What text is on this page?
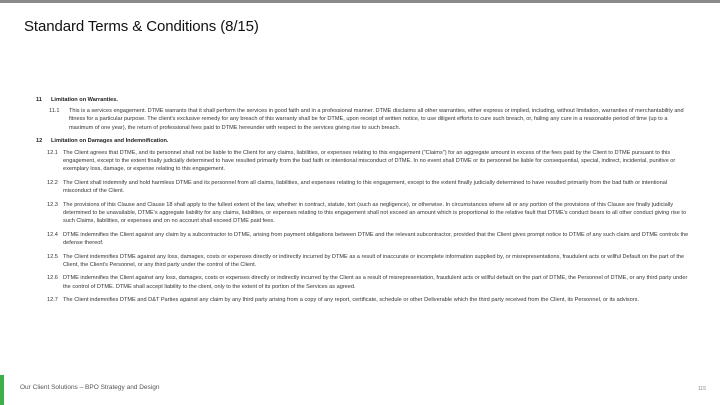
Standard Terms & Conditions (8/15)
11	Limitation on Warranties.
11.1	This is a services engagement. DTME warrants that it shall perform the services in good faith and in a professional manner. DTME disclaims all other warranties, either express or implied, including, without limitation, warranties of merchantability and fitness for a particular purpose. The client's exclusive remedy for any breach of this warranty shall be for DTME, upon receipt of written notice, to use diligent efforts to cure such breach, or, failing any cure in a reasonable period of time (up to a maximum of one year), the return of professional fees paid to DTME hereunder with respect to the services giving rise to such breach.
12	Limitation on Damages and Indemnification.
12.1 The Client agrees that DTME, and its personnel shall not be liable to the Client for any claims, liabilities, or expenses relating to this engagement ("Claims") for an aggregate amount in excess of the fees paid by the Client to DTME pursuant to this engagement, except to the extent finally judicially determined to have resulted primarily from the bad faith or intentional misconduct of DTME. In no event shall DTME or its personnel be liable for consequential, special, indirect, incidental, punitive or exemplary loss, damage, or expense relating to this engagement.
12.2 The Client shall indemnify and hold harmless DTME and its personnel from all claims, liabilities, and expenses relating to this engagement, except to the extent finally judicially determined to have resulted primarily from the bad faith or intentional misconduct of the Client.
12.3 The provisions of this Clause and Clause 18 shall apply to the fullest extent of the law, whether in contract, statute, tort (such as negligence), or otherwise. In circumstances where all or any portion of the provisions of this Clause are finally judicially determined to be unavailable, DTME's aggregate liability for any claims, liabilities, or expenses relating to this engagement shall not exceed an amount which is proportional to the relative fault that DTME's conduct bears to all other conduct giving rise to such Claims, liabilities, or expenses and on no account shall exceed DTME paid fees.
12.4 DTME indemnifies the Client against any claim by a subcontractor to DTME, arising from payment obligations between DTME and the relevant subcontractor, provided that the Client gives prompt notice to DTME of any such claim and DTME controls the defense thereof.
12.5 The Client indemnifies DTME against any loss, damages, costs or expenses directly or indirectly incurred by DTME as a result of inaccurate or incomplete information supplied by, or misrepresentations, fraudulent acts or willful Default on the part of the Client, the Client's Personnel, or any third party under the control of the Client.
12.6 DTME indemnifies the Client against any loss, damages, costs or expenses directly or indirectly incurred by the Client as a result of misrepresentation, fraudulent acts or willful default on the part of DTME, the Personnel of DTME, or any third party under the control of DTME. DTME shall accept liability to the client, only to the extent of its portion of the Services as agreed.
12.7 The Client indemnifies DTME and D&T Parties against any claim by any third party arising from a copy of any report, certificate, schedule or other Deliverable which the third party received from the Client, its Personnel, or its advisors.
Our Client Solutions – BPO Strategy and Design	115
